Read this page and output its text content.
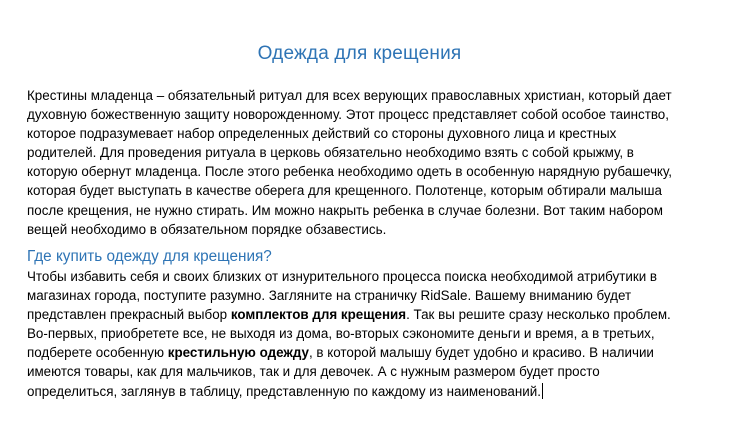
Одежда для крещения
Крестины младенца – обязательный ритуал для всех верующих православных христиан, который дает
духовную божественную защиту новорожденному. Этот процесс представляет собой особое таинство,
которое подразумевает набор определенных действий со стороны духовного лица и крестных
родителей. Для проведения ритуала в церковь обязательно необходимо взять с собой крыжму, в
которую обернут младенца. После этого ребенка необходимо одеть в особенную нарядную рубашечку,
которая будет выступать в качестве оберега для крещенного. Полотенце, которым обтирали малыша
после крещения, не нужно стирать. Им можно накрыть ребенка в случае болезни. Вот таким набором
вещей необходимо в обязательном порядке обзавестись.
Где купить одежду для крещения?
Чтобы избавить себя и своих близких от изнурительного процесса поиска необходимой атрибутики в
магазинах города, поступите разумно. Загляните на страничку RidSale. Вашему вниманию будет
представлен прекрасный выбор комплектов для крещения. Так вы решите сразу несколько проблем.
Во-первых, приобретете все, не выходя из дома, во-вторых сэкономите деньги и время, а в третьих,
подберете особенную крестильную одежду, в которой малышу будет удобно и красиво. В наличии
имеются товары, как для мальчиков, так и для девочек. А с нужным размером будет просто
определиться, заглянув в таблицу, представленную по каждому из наименований.
